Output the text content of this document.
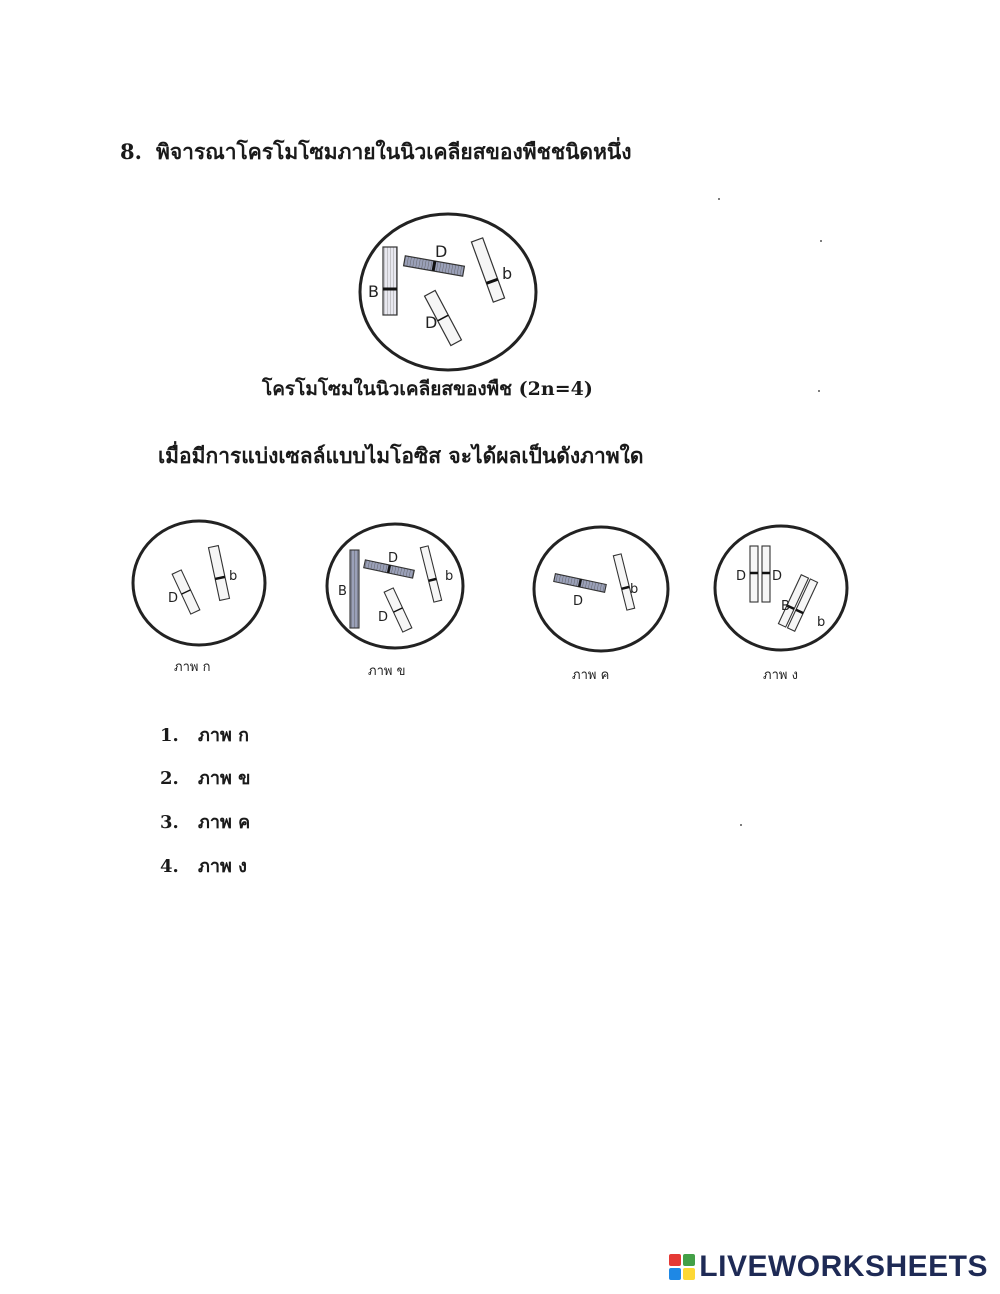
8. พิจารณาโครโมโซมภายในนิวเคลียสของพืชชนิดหนึ่ง
B
D
b
D
D
b
B
D
D
b
D
b
D D
B
b
โครโมโซมในนิวเคลียสของพืช (2n=4)
เมื่อมีการแบ่งเซลล์แบบไมโอซิส จะได้ผลเป็นดังภาพใด
ภาพ ก	ภาพ ข	ภาพ ค	ภาพ ง
1. ภาพ ก
2. ภาพ ข
3. ภาพ ค
4. ภาพ ง
LIVEWORKSHEETS
